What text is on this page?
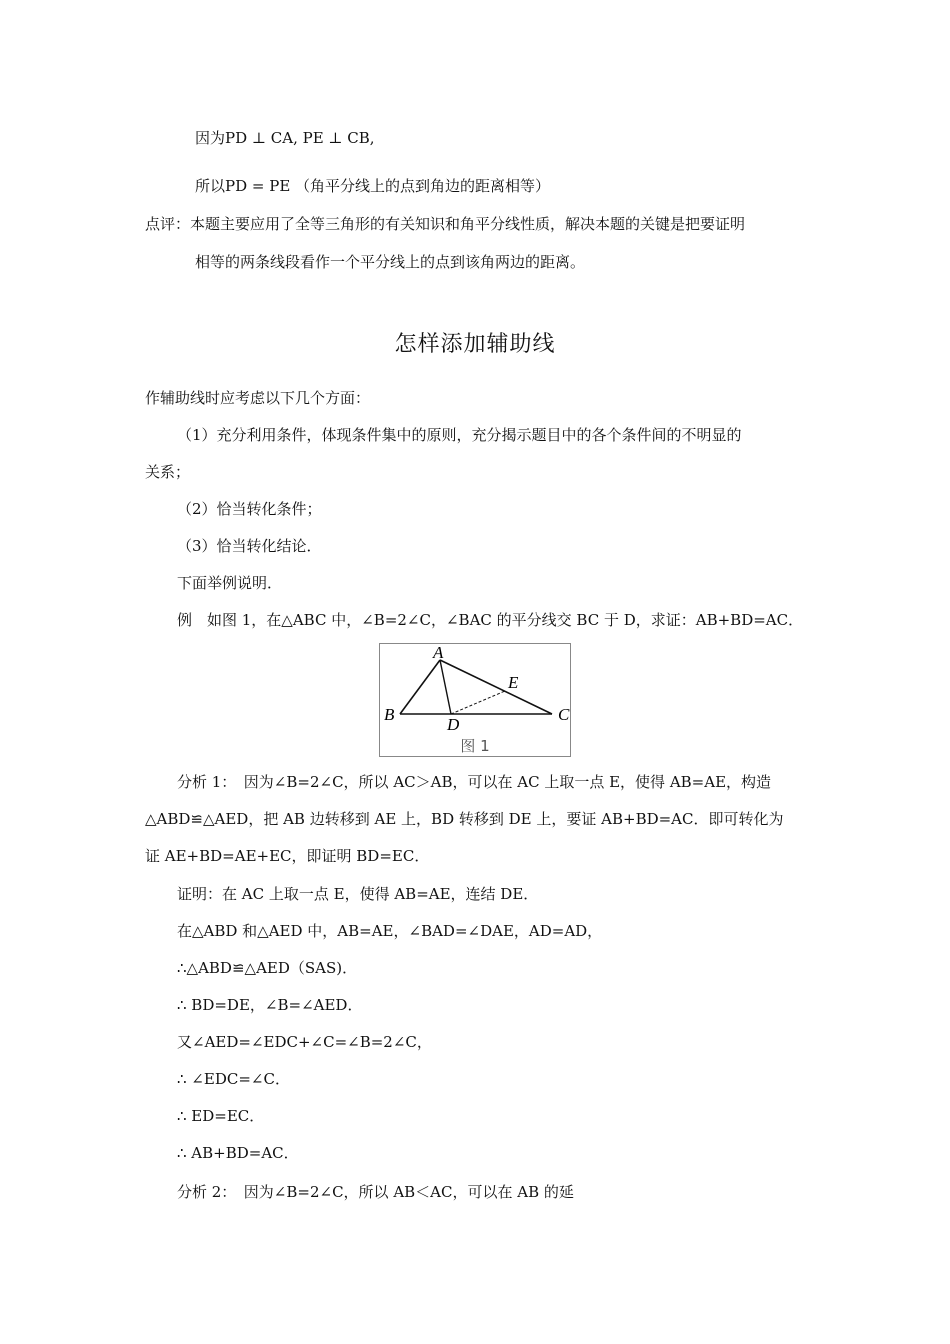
因为PD ⊥ CA, PE ⊥ CB,
所以PD = PE （角平分线上的点到角边的距离相等）
点评：本题主要应用了全等三角形的有关知识和角平分线性质，解决本题的关键是把要证明
相等的两条线段看作一个平分线上的点到该角两边的距离。
怎样添加辅助线
作辅助线时应考虑以下几个方面：
（1）充分利用条件，体现条件集中的原则，充分揭示题目中的各个条件间的不明显的
关系；
（2）恰当转化条件；
（3）恰当转化结论．
下面举例说明．
例　如图 1，在△ABC 中，∠B=2∠C，∠BAC 的平分线交 BC 于 D，求证：AB+BD=AC．
A
B	C
D
E
图 1
分析 1：　因为∠B=2∠C，所以 AC＞AB，可以在 AC 上取一点 E，使得 AB=AE，构造
△ABD≌△AED，把 AB 边转移到 AE 上，BD 转移到 DE 上，要证 AB+BD=AC．即可转化为
证 AE+BD=AE+EC，即证明 BD=EC．
证明：在 AC 上取一点 E，使得 AB=AE，连结 DE．
在△ABD 和△AED 中，AB=AE，∠BAD=∠DAE，AD=AD，
∴△ABD≌△AED（SAS)．
∴ BD=DE，∠B=∠AED．
又∠AED=∠EDC+∠C=∠B=2∠C，
∴ ∠EDC=∠C．
∴ ED=EC．
∴ AB+BD=AC．
分析 2：　因为∠B=2∠C，所以 AB＜AC，可以在 AB 的延
